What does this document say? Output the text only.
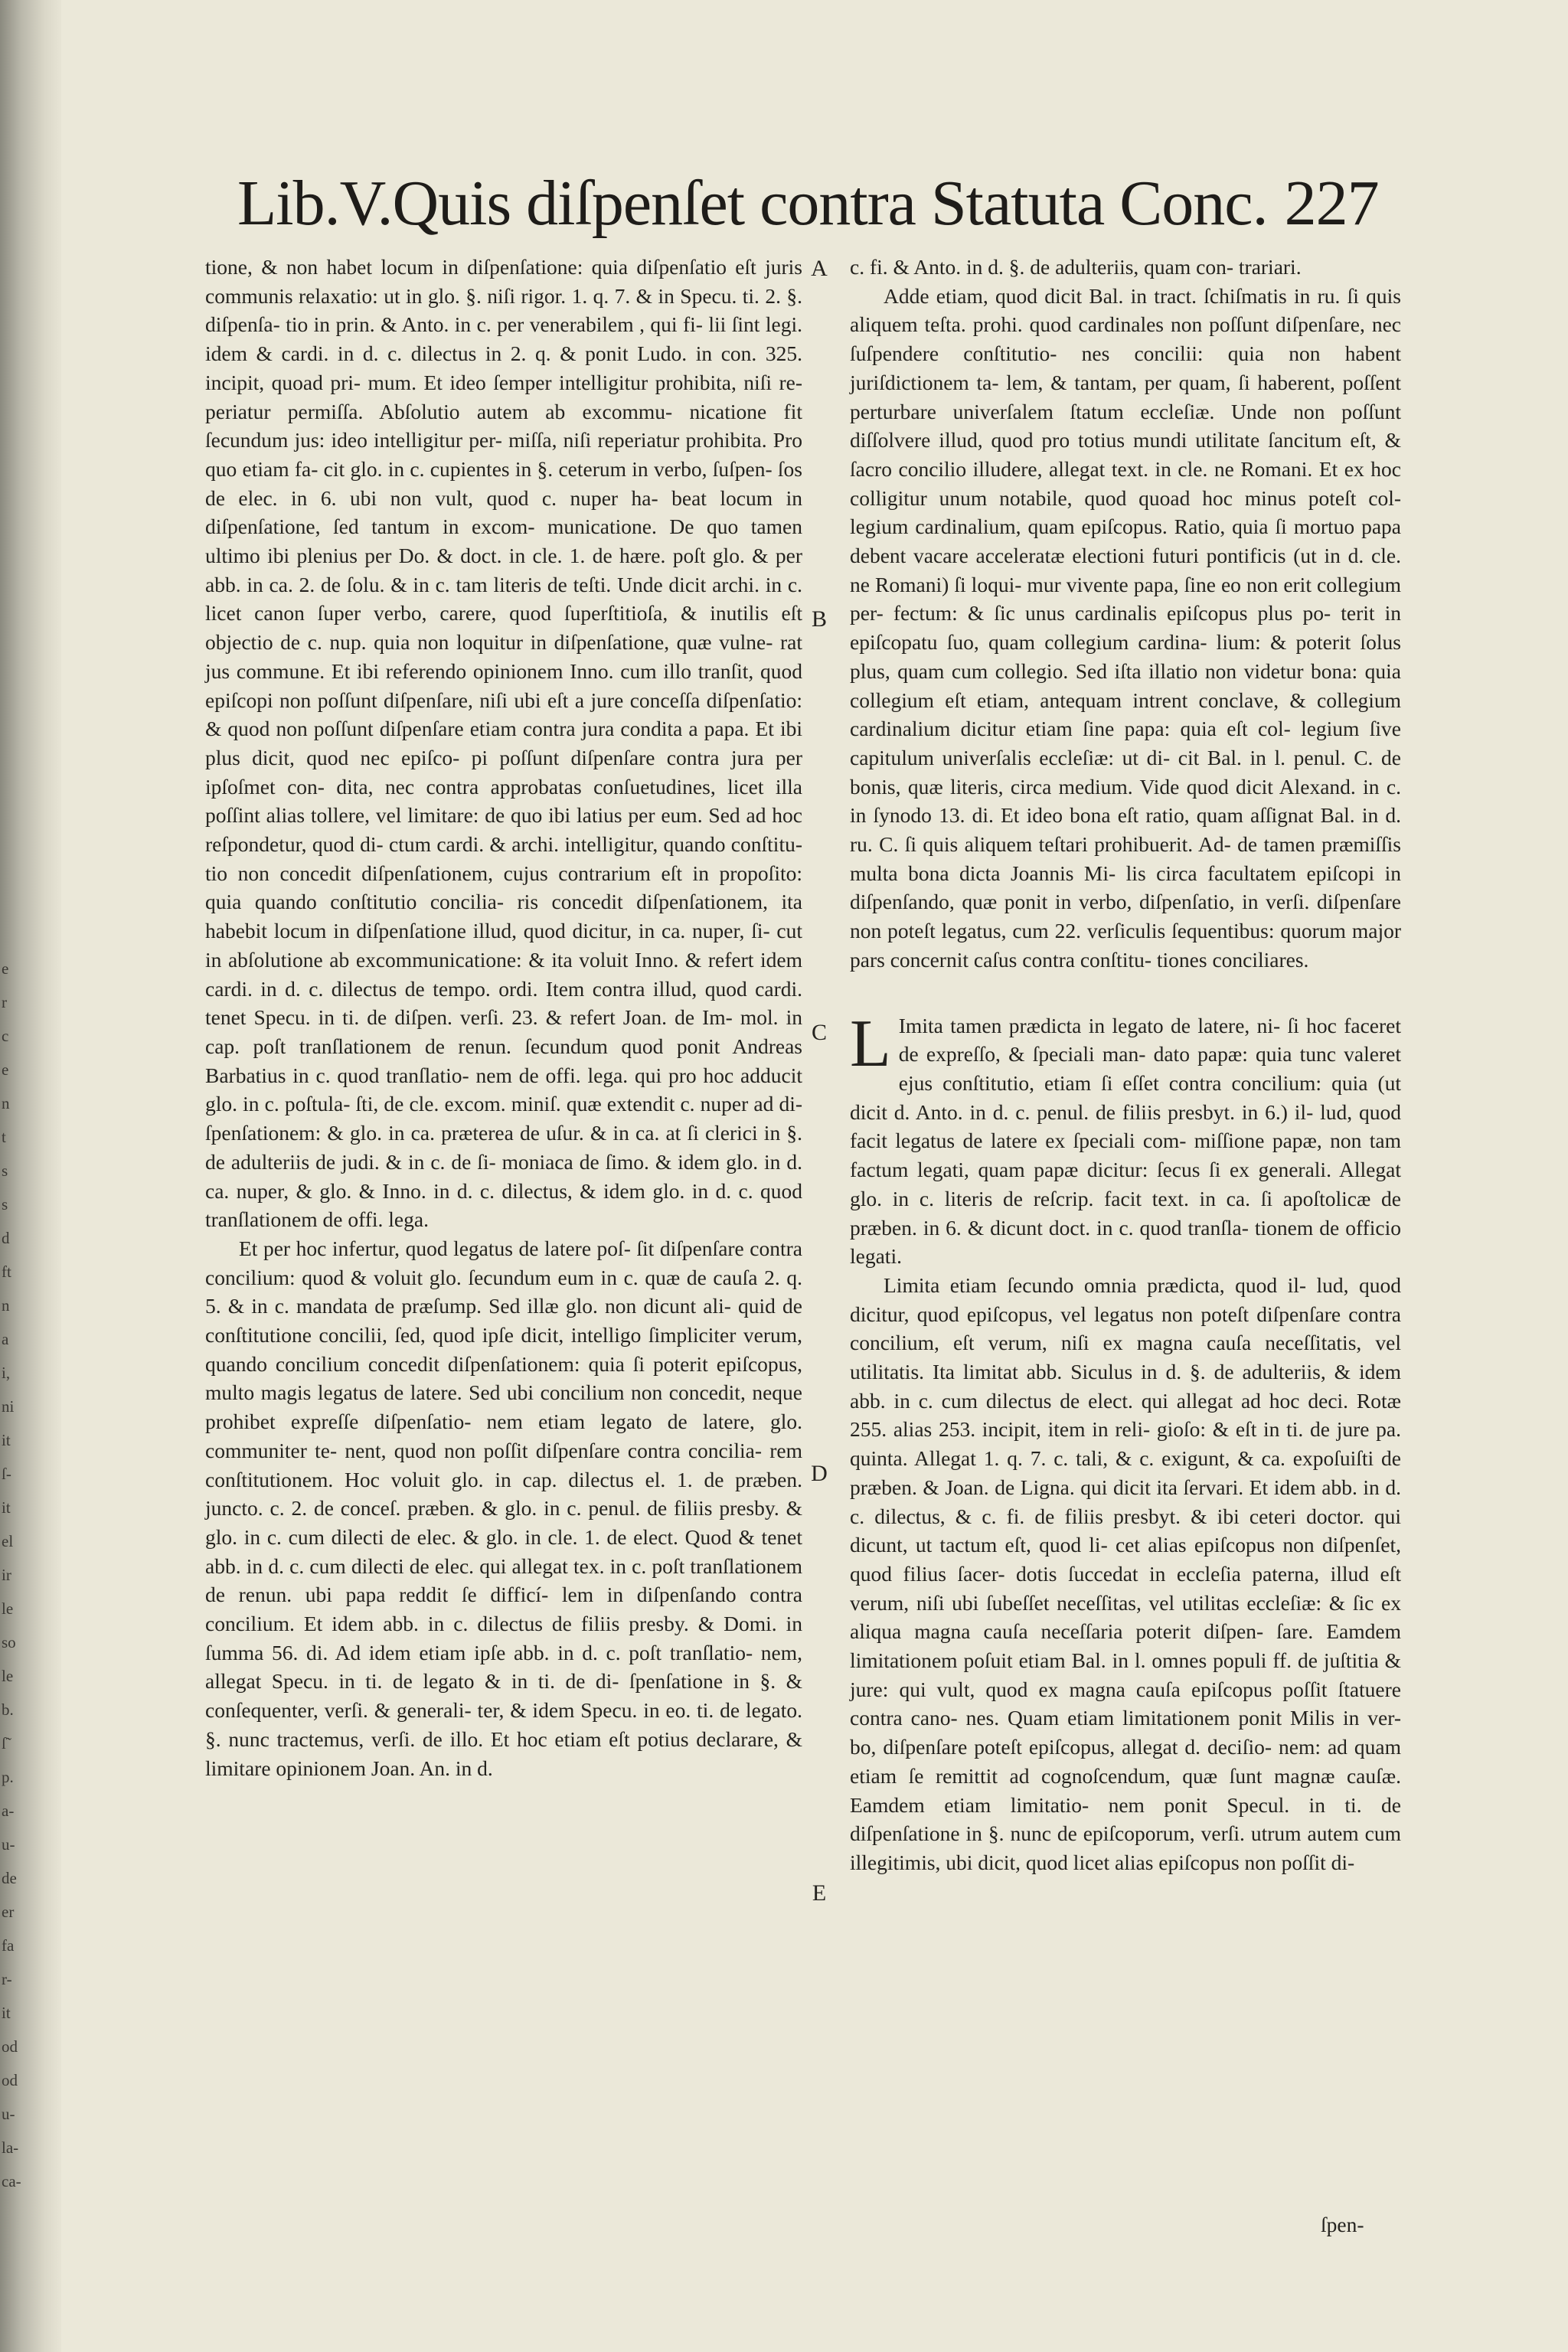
e
r
c
e
n
t
s
s
d
ft
n
a
i,
ni
it
ſ-
it
el
ir
le
so
le
b.
ſ̃
p.
a-
u-
de
er
fa
r-
it
od
od
u-
la-
ca-
Lib.V.Quis diſpenſet contra Statuta Conc. 227

tione, & non habet locum in diſpenſatione: quia diſpenſatio eſt juris communis relaxatio: ut in glo. §. niſi rigor. 1. q. 7. & in Specu. ti. 2. §. diſpenſa- tio in prin. & Anto. in c. per venerabilem , qui fi- lii ſint legi. idem & cardi. in d. c. dilectus in 2. q. & ponit Ludo. in con. 325. incipit, quoad pri- mum. Et ideo ſemper intelligitur prohibita, niſi re- periatur permiſſa. Abſolutio autem ab excommu- nicatione fit ſecundum jus: ideo intelligitur per- miſſa, niſi reperiatur prohibita. Pro quo etiam fa- cit glo. in c. cupientes in §. ceterum in verbo, ſuſpen- ſos de elec. in 6. ubi non vult, quod c. nuper ha- beat locum in diſpenſatione, ſed tantum in excom- municatione. De quo tamen ultimo ibi plenius per Do. & doct. in cle. 1. de hære. poſt glo. & per abb. in ca. 2. de ſolu. & in c. tam literis de teſti. Unde dicit archi. in c. licet canon ſuper verbo, carere, quod ſuperſtitioſa, & inutilis eſt objectio de c. nup. quia non loquitur in diſpenſatione, quæ vulne- rat jus commune. Et ibi referendo opinionem Inno. cum illo tranſit, quod epiſcopi non poſſunt diſpenſare, niſi ubi eſt a jure conceſſa diſpenſatio: & quod non poſſunt diſpenſare etiam contra jura condita a papa. Et ibi plus dicit, quod nec epiſco- pi poſſunt diſpenſare contra jura per ipſoſmet con- dita, nec contra approbatas conſuetudines, licet illa poſſint alias tollere, vel limitare: de quo ibi latius per eum. Sed ad hoc reſpondetur, quod di- ctum cardi. & archi. intelligitur, quando conſtitu- tio non concedit diſpenſationem, cujus contrarium eſt in propoſito: quia quando conſtitutio concilia- ris concedit diſpenſationem, ita habebit locum in diſpenſatione illud, quod dicitur, in ca. nuper, ſi- cut in abſolutione ab excommunicatione: & ita voluit Inno. & refert idem cardi. in d. c. dilectus de tempo. ordi. Item contra illud, quod cardi. tenet Specu. in ti. de diſpen. verſi. 23. & refert Joan. de Im- mol. in cap. poſt tranſlationem de renun. ſecundum quod ponit Andreas Barbatius in c. quod tranſlatio- nem de offi. lega. qui pro hoc adducit glo. in c. poſtula- ſti, de cle. excom. miniſ. quæ extendit c. nuper ad di- ſpenſationem: & glo. in ca. præterea de uſur. & in ca. at ſi clerici in §. de adulteriis de judi. & in c. de ſi- moniaca de ſimo. & idem glo. in d. ca. nuper, & glo. & Inno. in d. c. dilectus, & idem glo. in d. c. quod tranſlationem de offi. lega.

Et per hoc infertur, quod legatus de latere poſ- ſit diſpenſare contra concilium: quod & voluit glo. ſecundum eum in c. quæ de cauſa 2. q. 5. & in c. mandata de præſump. Sed illæ glo. non dicunt ali- quid de conſtitutione concilii, ſed, quod ipſe dicit, intelligo ſimpliciter verum, quando concilium concedit diſpenſationem: quia ſi poterit epiſcopus, multo magis legatus de latere. Sed ubi concilium non concedit, neque prohibet expreſſe diſpenſatio- nem etiam legato de latere, glo. communiter te- nent, quod non poſſit diſpenſare contra concilia- rem conſtitutionem. Hoc voluit glo. in cap. dilectus el. 1. de præben. juncto. c. 2. de conceſ. præben. & glo. in c. penul. de filiis presby. & glo. in c. cum dilecti de elec. & glo. in cle. 1. de elect. Quod & tenet abb. in d. c. cum dilecti de elec. qui allegat tex. in c. poſt tranſlationem de renun. ubi papa reddit ſe difficí- lem in diſpenſando contra concilium. Et idem abb. in c. dilectus de filiis presby. & Domi. in ſumma 56. di. Ad idem etiam ipſe abb. in d. c. poſt tranſlatio- nem, allegat Specu. in ti. de legato & in ti. de di- ſpenſatione in §. & conſequenter, verſi. & generali- ter, & idem Specu. in eo. ti. de legato. §. nunc tractemus, verſi. de illo. Et hoc etiam eſt potius declarare, & limitare opinionem Joan. An. in d.

A
B
C
D
E

c. fi. & Anto. in d. §. de adulteriis, quam con- trariari.

Adde etiam, quod dicit Bal. in tract. ſchiſmatis in ru. ſi quis aliquem teſta. prohi. quod cardinales non poſſunt diſpenſare, nec ſuſpendere conſtitutio- nes concilii: quia non habent juriſdictionem ta- lem, & tantam, per quam, ſi haberent, poſſent perturbare univerſalem ſtatum eccleſiæ. Unde non poſſunt diſſolvere illud, quod pro totius mundi utilitate ſancitum eſt, & ſacro concilio illudere, allegat text. in cle. ne Romani. Et ex hoc colligitur unum notabile, quod quoad hoc minus poteſt col- legium cardinalium, quam epiſcopus. Ratio, quia ſi mortuo papa debent vacare acceleratæ electioni futuri pontificis (ut in d. cle. ne Romani) ſi loqui- mur vivente papa, ſine eo non erit collegium per- fectum: & ſic unus cardinalis epiſcopus plus po- terit in epiſcopatu ſuo, quam collegium cardina- lium: & poterit ſolus plus, quam cum collegio. Sed iſta illatio non videtur bona: quia collegium eſt etiam, antequam intrent conclave, & collegium cardinalium dicitur etiam ſine papa: quia eſt col- legium ſive capitulum univerſalis eccleſiæ: ut di- cit Bal. in l. penul. C. de bonis, quæ literis, circa medium. Vide quod dicit Alexand. in c. in ſynodo 13. di. Et ideo bona eſt ratio, quam aſſignat Bal. in d. ru. C. ſi quis aliquem teſtari prohibuerit. Ad- de tamen præmiſſis multa bona dicta Joannis Mi- lis circa facultatem epiſcopi in diſpenſando, quæ ponit in verbo, diſpenſatio, in verſi. diſpenſare non poteſt legatus, cum 22. verſiculis ſequentibus: quorum major pars concernit caſus contra conſtitu- tiones conciliares.

L Imita tamen prædicta in legato de latere, ni- ſi hoc faceret de expreſſo, & ſpeciali man- dato papæ: quia tunc valeret ejus conſtitutio, etiam ſi eſſet contra concilium: quia (ut dicit d. Anto. in d. c. penul. de filiis presbyt. in 6.) il- lud, quod facit legatus de latere ex ſpeciali com- miſſione papæ, non tam factum legati, quam papæ dicitur: ſecus ſi ex generali. Allegat glo. in c. literis de reſcrip. facit text. in ca. ſi apoſtolicæ de præben. in 6. & dicunt doct. in c. quod tranſla- tionem de officio legati.

Limita etiam ſecundo omnia prædicta, quod il- lud, quod dicitur, quod epiſcopus, vel legatus non poteſt diſpenſare contra concilium, eſt verum, niſi ex magna cauſa neceſſitatis, vel utilitatis. Ita limitat abb. Siculus in d. §. de adulteriis, & idem abb. in c. cum dilectus de elect. qui allegat ad hoc deci. Rotæ 255. alias 253. incipit, item in reli- gioſo: & eſt in ti. de jure pa. quinta. Allegat 1. q. 7. c. tali, & c. exigunt, & ca. expoſuiſti de præben. & Joan. de Ligna. qui dicit ita ſervari. Et idem abb. in d. c. dilectus, & c. fi. de filiis presbyt. & ibi ceteri doctor. qui dicunt, ut tactum eſt, quod li- cet alias epiſcopus non diſpenſet, quod filius ſacer- dotis ſuccedat in eccleſia paterna, illud eſt verum, niſi ubi ſubeſſet neceſſitas, vel utilitas eccleſiæ: & ſic ex aliqua magna cauſa neceſſaria poterit diſpen- ſare. Eamdem limitationem poſuit etiam Bal. in l. omnes populi ff. de juſtitia & jure: qui vult, quod ex magna cauſa epiſcopus poſſit ſtatuere contra cano- nes. Quam etiam limitationem ponit Milis in ver- bo, diſpenſare poteſt epiſcopus, allegat d. deciſio- nem: ad quam etiam ſe remittit ad cognoſcendum, quæ ſunt magnæ cauſæ. Eamdem etiam limitatio- nem ponit Specul. in ti. de diſpenſatione in §. nunc de epiſcoporum, verſi. utrum autem cum illegitimis, ubi dicit, quod licet alias epiſcopus non poſſit di-

ſpen-
